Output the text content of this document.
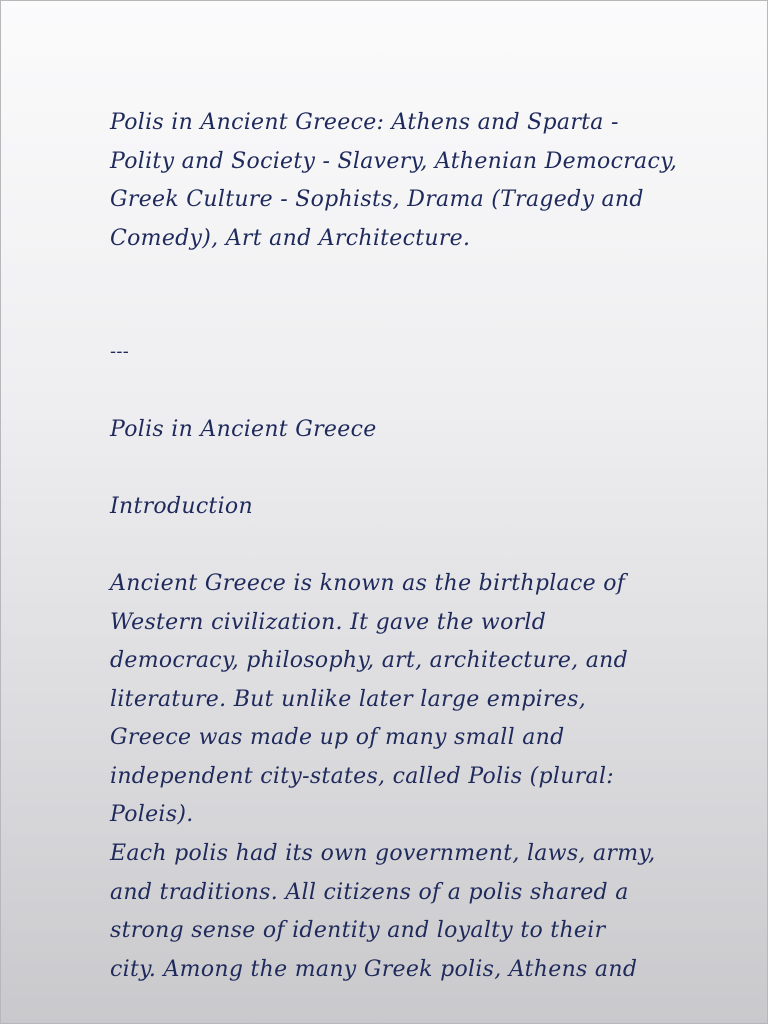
Polis in Ancient Greece: Athens and Sparta -
Polity and Society - Slavery, Athenian Democracy,
Greek Culture - Sophists, Drama (Tragedy and
Comedy), Art and Architecture.
---
Polis in Ancient Greece
Introduction
Ancient Greece is known as the birthplace of
Western civilization. It gave the world
democracy, philosophy, art, architecture, and
literature. But unlike later large empires,
Greece was made up of many small and
independent city-states, called Polis (plural:
Poleis).
Each polis had its own government, laws, army,
and traditions. All citizens of a polis shared a
strong sense of identity and loyalty to their
city. Among the many Greek polis, Athens and
